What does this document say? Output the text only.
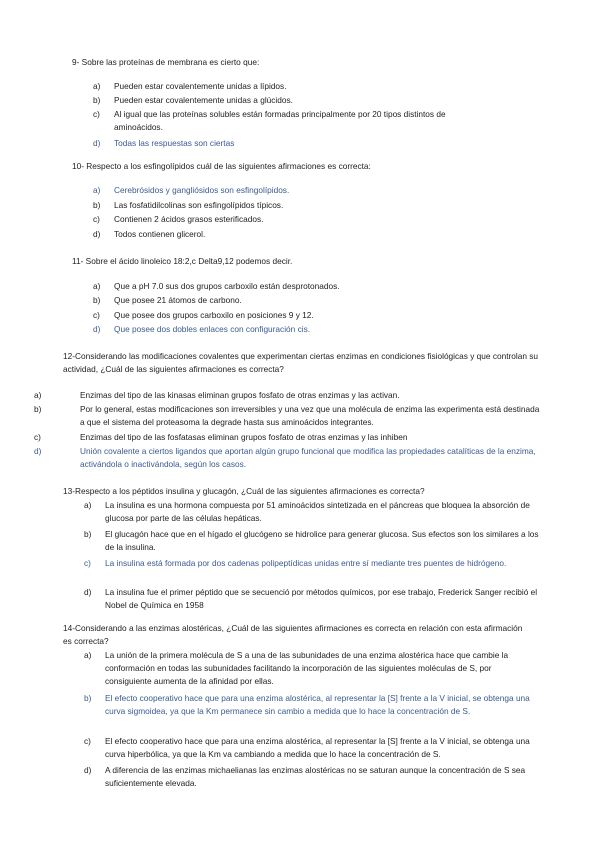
9- Sobre las proteínas de membrana es cierto que:

a)	Pueden estar covalentemente unidas a lípidos.
b)	Pueden estar covalentemente unidas a glúcidos.
c)	Al igual que las proteínas solubles están formadas principalmente por 20 tipos distintos de aminoácidos.
d)	Todas las respuestas son ciertas

10- Respecto a los esfingolípidos cuál de las siguientes afirmaciones es correcta:

a)	Cerebrósidos y gangliósidos son esfingolípidos.
b)	Las fosfatidilcolinas son esfingolípidos típicos.
c)	Contienen 2 ácidos grasos esterificados.
d)	Todos contienen glicerol.

11- Sobre el ácido linoleico 18:2,c Delta9,12 podemos decir.

a)	Que a pH 7.0 sus dos grupos carboxilo están desprotonados.
b)	Que posee 21 átomos de carbono.
c)	Que posee dos grupos carboxilo en posiciones 9 y 12.
d)	Que posee dos dobles enlaces con configuración cis.

12-Considerando las modificaciones covalentes que experimentan ciertas enzimas en condiciones fisiológicas y que controlan su actividad, ¿Cuál de las siguientes afirmaciones es correcta?

a)	Enzimas del tipo de las kinasas eliminan grupos fosfato de otras enzimas y las activan.
b)	Por lo general, estas modificaciones son irreversibles y una vez que una molécula de enzima las experimenta está destinada a que el sistema del proteasoma la degrade hasta sus aminoácidos integrantes.
c)	Enzimas del tipo de las fosfatasas eliminan grupos fosfato de otras enzimas y las inhiben
d)	Unión covalente a ciertos ligandos que aportan algún grupo funcional que modifica las propiedades catalíticas de la enzima, activándola o inactivándola, según los casos.

13-Respecto a los péptidos insulina y glucagón, ¿Cuál de las siguientes afirmaciones es correcta?

a)	La insulina es una hormona compuesta por 51 aminoácidos sintetizada en el páncreas que bloquea la absorción de glucosa por parte de las células hepáticas.
b)	El glucagón hace que en el hígado el glucógeno se hidrolice para generar glucosa. Sus efectos son los similares a los de la insulina.
c)	La insulina está formada por dos cadenas polipeptídicas unidas entre sí mediante tres puentes de hidrógeno.
d)	La insulina fue el primer péptido que se secuenció por métodos químicos, por ese trabajo, Frederick Sanger recibió el Nobel de Química en 1958

14-Considerando a las enzimas alostéricas, ¿Cuál de las siguientes afirmaciones es correcta en relación con esta afirmación es correcta?

a)	La unión de la primera molécula de S a una de las subunidades de una enzima alostérica hace que cambie la conformación en todas las subunidades facilitando la incorporación de las siguientes moléculas de S, por consiguiente aumenta de la afinidad por ellas.
b)	El efecto cooperativo hace que para una enzima alostérica, al representar la [S] frente a la V inicial, se obtenga una curva sigmoidea, ya que la Km permanece sin cambio a medida que lo hace la concentración de S.
c)	El efecto cooperativo hace que para una enzima alostérica, al representar la [S] frente a la V inicial, se obtenga una curva hiperbólica, ya que la Km va cambiando a medida que lo hace la concentración de S.
d)	A diferencia de las enzimas michaelianas las enzimas alostéricas no se saturan aunque la concentración de S sea suficientemente elevada.
